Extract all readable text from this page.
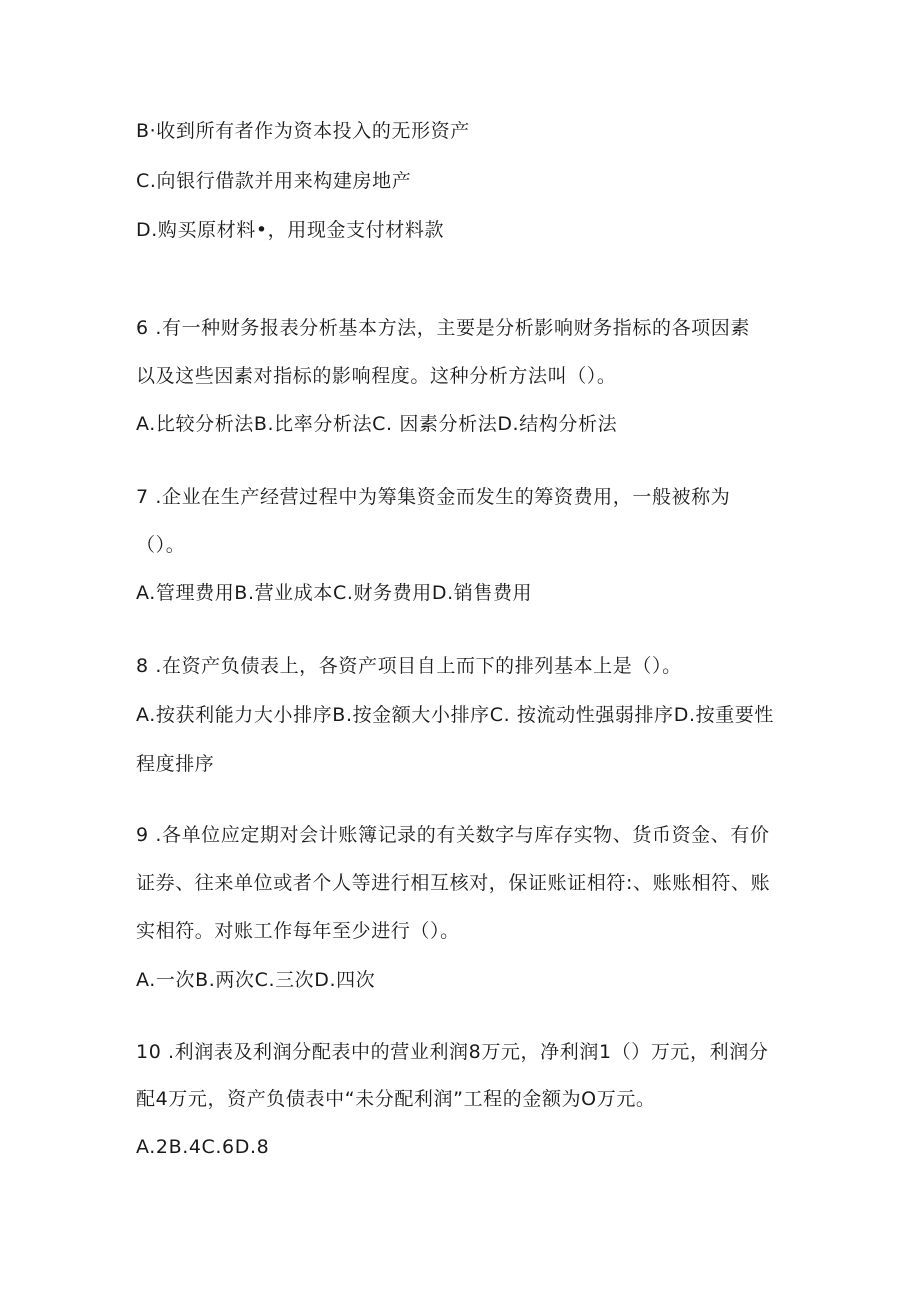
B·收到所有者作为资本投入的无形资产
C.向银行借款并用来构建房地产
D.购买原材料•，用现金支付材料款
6 .有一种财务报表分析基本方法，主要是分析影响财务指标的各项因素
以及这些因素对指标的影响程度。这种分析方法叫（）。
A.比较分析法B.比率分析法C. 因素分析法D.结构分析法
7 .企业在生产经营过程中为筹集资金而发生的筹资费用，一般被称为
（）。
A.管理费用B.营业成本C.财务费用D.销售费用
8 .在资产负债表上，各资产项目自上而下的排列基本上是（）。
A.按获利能力大小排序B.按金额大小排序C. 按流动性强弱排序D.按重要性
程度排序
9 .各单位应定期对会计账簿记录的有关数字与库存实物、货币资金、有价
证券、往来单位或者个人等进行相互核对，保证账证相符:、账账相符、账
实相符。对账工作每年至少进行（）。
A.一次B.两次C.三次D.四次
10 .利润表及利润分配表中的营业利润8万元，净利润1（）万元，利润分
配4万元，资产负债表中“未分配利润”工程的金额为O万元。
A.2B.4C.6D.8
